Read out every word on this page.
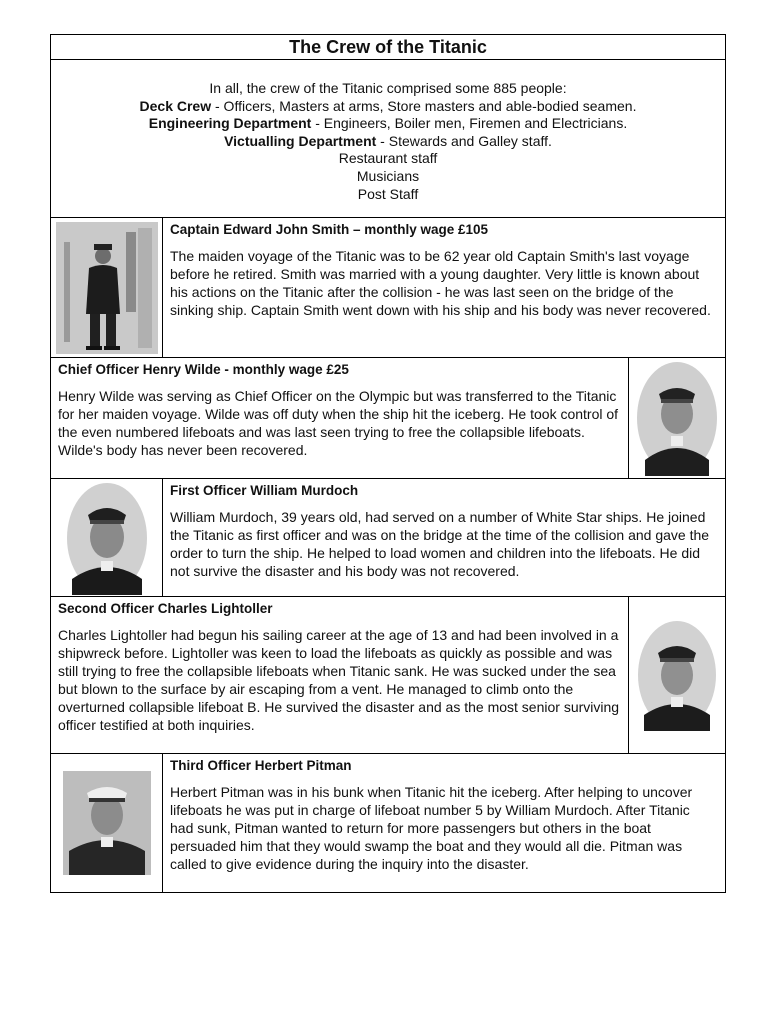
The Crew of the Titanic
In all, the crew of the Titanic comprised some 885 people:
Deck Crew - Officers, Masters at arms, Store masters and able-bodied seamen.
Engineering Department - Engineers, Boiler men, Firemen and Electricians.
Victualling Department - Stewards and Galley staff.
Restaurant staff
Musicians
Post Staff

Captain Edward John Smith – monthly wage £105

The maiden voyage of the Titanic was to be 62 year old Captain Smith's last voyage before he retired. Smith was married with a young daughter. Very little is known about his actions on the Titanic after the collision - he was last seen on the bridge of the sinking ship. Captain Smith went down with his ship and his body was never recovered.

Chief Officer Henry Wilde - monthly wage £25

Henry Wilde was serving as Chief Officer on the Olympic but was transferred to the Titanic for her maiden voyage. Wilde was off duty when the ship hit the iceberg. He took control of the even numbered lifeboats and was last seen trying to free the collapsible lifeboats. Wilde's body has never been recovered.

First Officer William Murdoch

William Murdoch, 39 years old, had served on a number of White Star ships. He joined the Titanic as first officer and was on the bridge at the time of the collision and gave the order to turn the ship. He helped to load women and children into the lifeboats. He did not survive the disaster and his body was not recovered.

Second Officer Charles Lightoller

Charles Lightoller had begun his sailing career at the age of 13 and had been involved in a shipwreck before. Lightoller was keen to load the lifeboats as quickly as possible and was still trying to free the collapsible lifeboats when Titanic sank. He was sucked under the sea but blown to the surface by air escaping from a vent. He managed to climb onto the overturned collapsible lifeboat B. He survived the disaster and as the most senior surviving officer testified at both inquiries.

Third Officer Herbert Pitman

Herbert Pitman was in his bunk when Titanic hit the iceberg. After helping to uncover lifeboats he was put in charge of lifeboat number 5 by William Murdoch. After Titanic had sunk, Pitman wanted to return for more passengers but others in the boat persuaded him that they would swamp the boat and they would all die. Pitman was called to give evidence during the inquiry into the disaster.
